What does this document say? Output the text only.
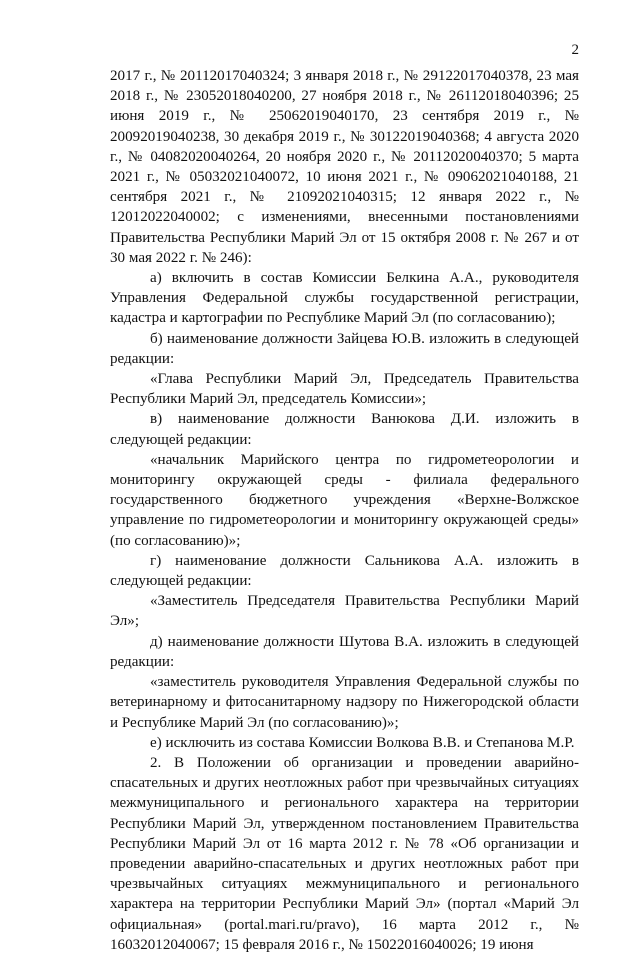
2

2017 г., № 20112017040324; 3 января 2018 г., № 29122017040378, 23 мая 2018 г., № 23052018040200, 27 ноября 2018 г., № 26112018040396; 25 июня 2019 г., № 25062019040170, 23 сентября 2019 г., № 20092019040238, 30 декабря 2019 г., № 30122019040368; 4 августа 2020 г., № 04082020040264, 20 ноября 2020 г., № 20112020040370; 5 марта 2021 г., № 05032021040072, 10 июня 2021 г., № 09062021040188, 21 сентября 2021 г., № 21092021040315; 12 января 2022 г., № 12012022040002; с изменениями, внесенными постановлениями Правительства Республики Марий Эл от 15 октября 2008 г. № 267 и от 30 мая 2022 г. № 246):

а) включить в состав Комиссии Белкина А.А., руководителя Управления Федеральной службы государственной регистрации, кадастра и картографии по Республике Марий Эл (по согласованию);

б) наименование должности Зайцева Ю.В. изложить в следующей редакции:

«Глава Республики Марий Эл, Председатель Правительства Республики Марий Эл, председатель Комиссии»;

в) наименование должности Ванюкова Д.И. изложить в следующей редакции:

«начальник Марийского центра по гидрометеорологии и мониторингу окружающей среды - филиала федерального государственного бюджетного учреждения «Верхне-Волжское управление по гидрометеорологии и мониторингу окружающей среды» (по согласованию)»;

г) наименование должности Сальникова А.А. изложить в следующей редакции:

«Заместитель Председателя Правительства Республики Марий Эл»;

д) наименование должности Шутова В.А. изложить в следующей редакции:

«заместитель руководителя Управления Федеральной службы по ветеринарному и фитосанитарному надзору по Нижегородской области и Республике Марий Эл (по согласованию)»;

е) исключить из состава Комиссии Волкова В.В. и Степанова М.Р.

2. В Положении об организации и проведении аварийно-спасательных и других неотложных работ при чрезвычайных ситуациях межмуниципального и регионального характера на территории Республики Марий Эл, утвержденном постановлением Правительства Республики Марий Эл от 16 марта 2012 г. № 78 «Об организации и проведении аварийно-спасательных и других неотложных работ при чрезвычайных ситуациях межмуниципального и регионального характера на территории Республики Марий Эл» (портал «Марий Эл официальная» (portal.mari.ru/pravo), 16 марта 2012 г., № 16032012040067; 15 февраля 2016 г., № 15022016040026; 19 июня
